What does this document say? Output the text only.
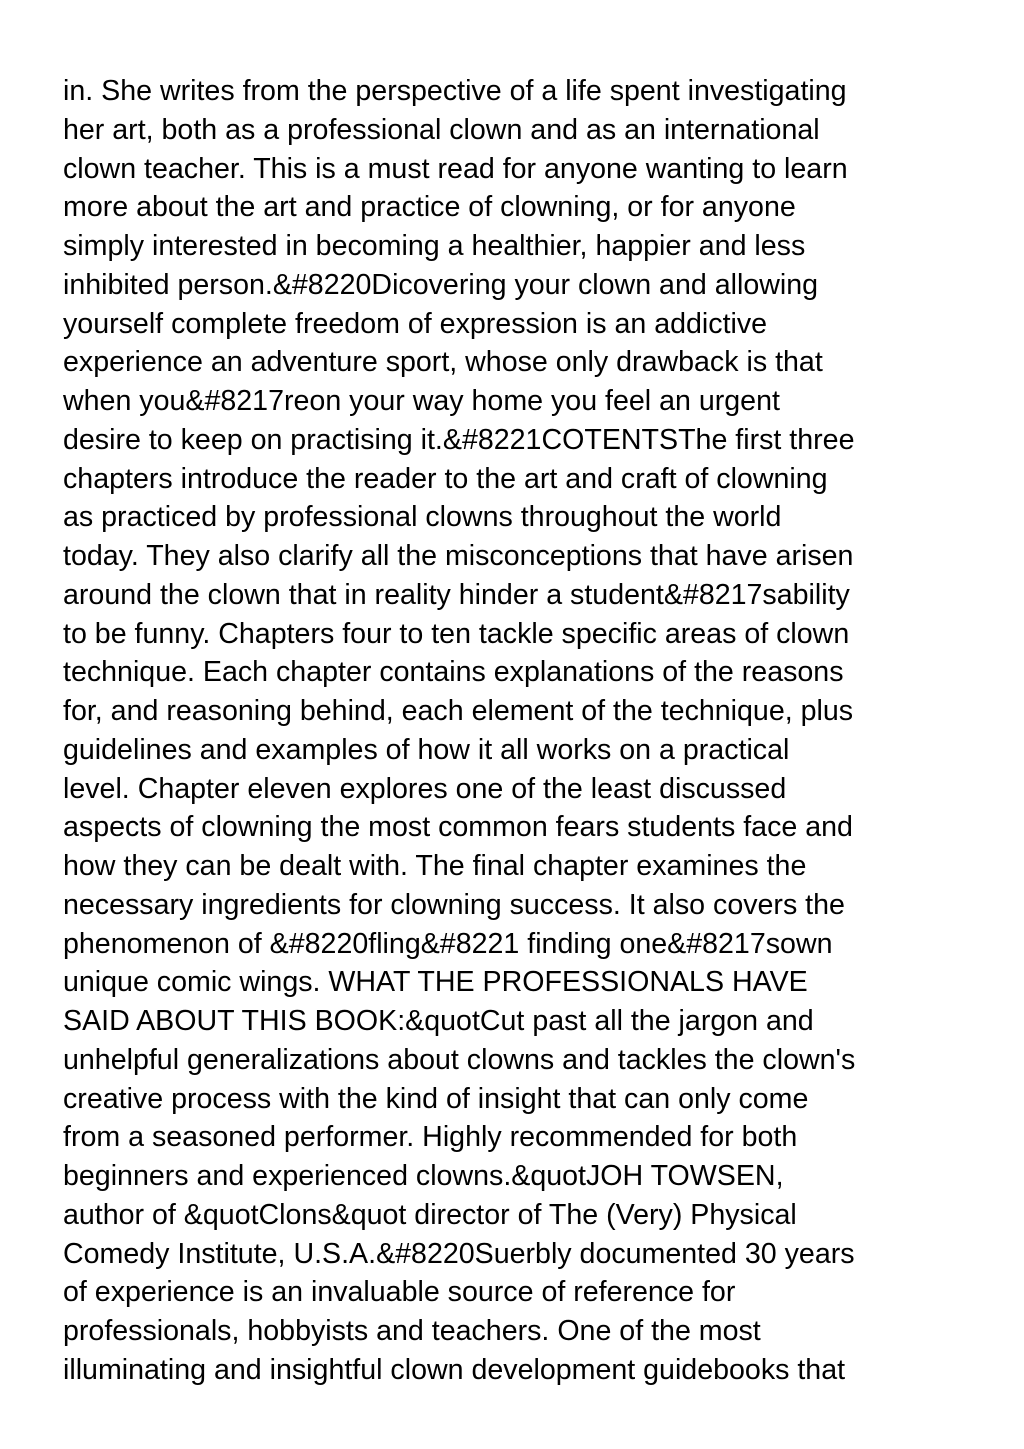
in. She writes from the perspective of a life spent investigating
her art, both as a professional clown and as an international
clown teacher. This is a must read for anyone wanting to learn
more about the art and practice of clowning, or for anyone
simply interested in becoming a healthier, happier and less
inhibited person.&#8220Dicovering your clown and allowing
yourself complete freedom of expression is an addictive
experience an adventure sport, whose only drawback is that
when you&#8217reon your way home you feel an urgent
desire to keep on practising it.&#8221COTENTSThe first three
chapters introduce the reader to the art and craft of clowning
as practiced by professional clowns throughout the world
today. They also clarify all the misconceptions that have arisen
around the clown that in reality hinder a student&#8217sability
to be funny. Chapters four to ten tackle specific areas of clown
technique. Each chapter contains explanations of the reasons
for, and reasoning behind, each element of the technique, plus
guidelines and examples of how it all works on a practical
level. Chapter eleven explores one of the least discussed
aspects of clowning the most common fears students face and
how they can be dealt with. The final chapter examines the
necessary ingredients for clowning success. It also covers the
phenomenon of &#8220fling&#8221 finding one&#8217sown
unique comic wings. WHAT THE PROFESSIONALS HAVE
SAID ABOUT THIS BOOK:&quotCut past all the jargon and
unhelpful generalizations about clowns and tackles the clown's
creative process with the kind of insight that can only come
from a seasoned performer. Highly recommended for both
beginners and experienced clowns.&quotJOH TOWSEN,
author of &quotClons&quot director of The (Very) Physical
Comedy Institute, U.S.A.&#8220Suerbly documented 30 years
of experience is an invaluable source of reference for
professionals, hobbyists and teachers. One of the most
illuminating and insightful clown development guidebooks that
